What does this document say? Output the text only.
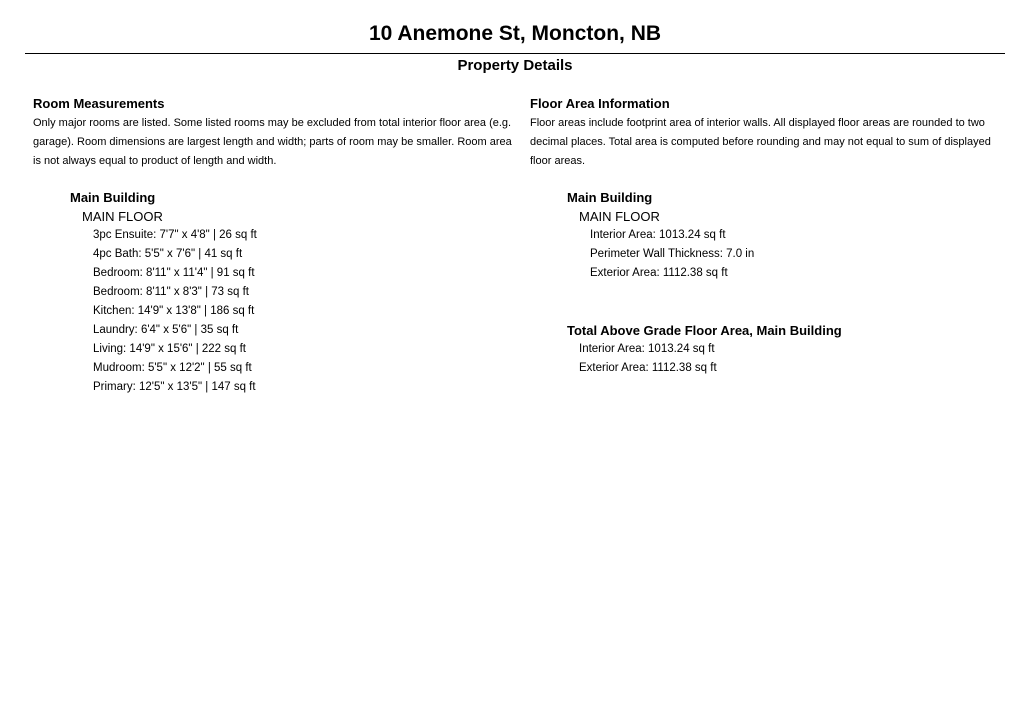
10 Anemone St, Moncton, NB
Property Details

Room Measurements

Only major rooms are listed. Some listed rooms may be excluded from total interior floor area (e.g. garage). Room dimensions are largest length and width; parts of room may be smaller. Room area is not always equal to product of length and width.

Main Building
MAIN FLOOR
3pc Ensuite: 7'7" x 4'8" | 26 sq ft
4pc Bath: 5'5" x 7'6" | 41 sq ft
Bedroom: 8'11" x 11'4" | 91 sq ft
Bedroom: 8'11" x 8'3" | 73 sq ft
Kitchen: 14'9" x 13'8" | 186 sq ft
Laundry: 6'4" x 5'6" | 35 sq ft
Living: 14'9" x 15'6" | 222 sq ft
Mudroom: 5'5" x 12'2" | 55 sq ft
Primary: 12'5" x 13'5" | 147 sq ft

Floor Area Information

Floor areas include footprint area of interior walls. All displayed floor areas are rounded to two decimal places. Total area is computed before rounding and may not equal to sum of displayed floor areas.

Main Building
MAIN FLOOR
Interior Area: 1013.24 sq ft
Perimeter Wall Thickness: 7.0 in
Exterior Area: 1112.38 sq ft
Total Above Grade Floor Area, Main Building
Interior Area: 1013.24 sq ft
Exterior Area: 1112.38 sq ft
